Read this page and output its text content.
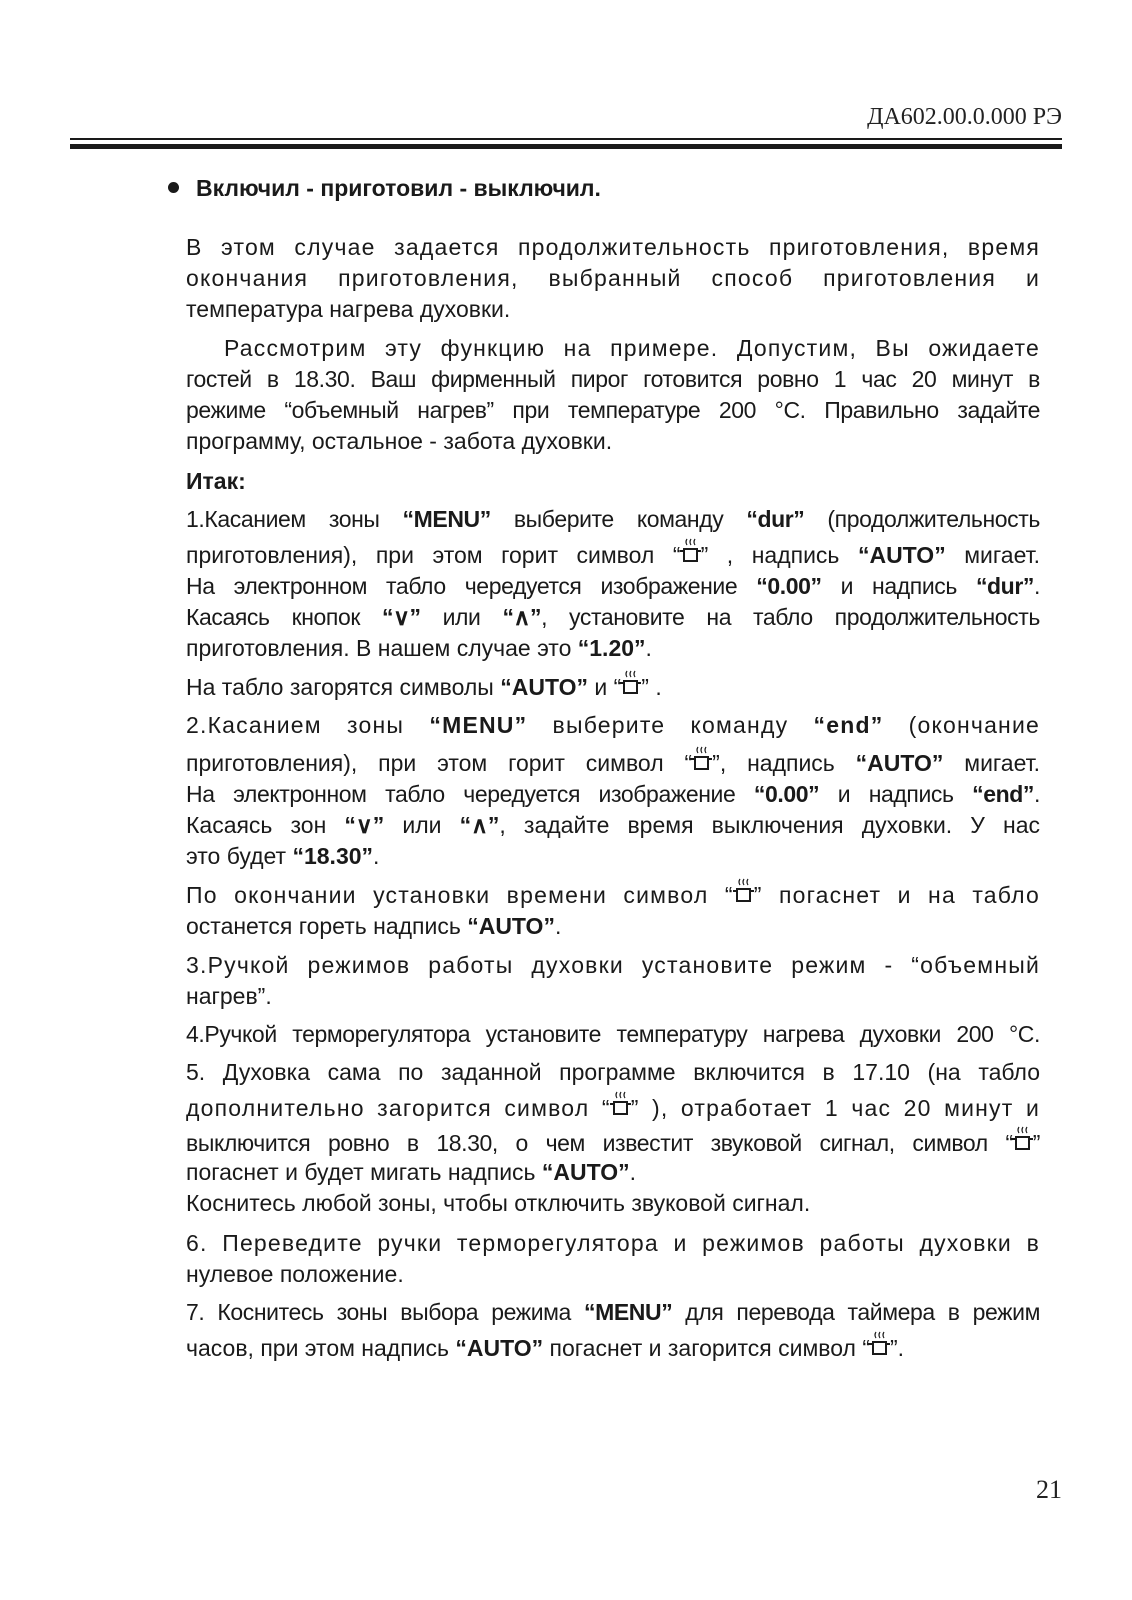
ДА602.00.0.000 РЭ

Включил - приготовил - выключил.
В этом случае задается продолжительность приготовления, время
окончания приготовления, выбранный способ приготовления и
температура нагрева духовки.
Рассмотрим эту функцию на примере. Допустим, Вы ожидаете
гостей в 18.30. Ваш фирменный пирог готовится ровно 1 час 20 минут в
режиме “объемный нагрев” при температуре 200 °С. Правильно задайте
программу, остальное - забота духовки.
Итак:
1.Касанием зоны “MENU” выберите команду “dur” (продолжительность
приготовления), при этом горит символ “ ” , надпись “AUTO” мигает.
На электронном табло чередуется изображение “0.00” и надпись “dur”.
Касаясь кнопок “∨” или “∧”, установите на табло продолжительность
приготовления. В нашем случае это “1.20”.
На табло загорятся символы “AUTO” и “ ” .
2.Касанием зоны “MENU” выберите команду “end” (окончание
приготовления), при этом горит символ “ ”, надпись “AUTO” мигает.
На электронном табло чередуется изображение “0.00” и надпись “end”.
Касаясь зон “∨” или “∧”, задайте время выключения духовки. У нас
это будет “18.30”.
По окончании установки времени символ “ ” погаснет и на табло
останется гореть надпись “AUTO”.
3.Ручкой режимов работы духовки установите режим - “объемный
нагрев”.
4.Ручкой терморегулятора установите температуру нагрева духовки 200 °С.
5. Духовка сама по заданной программе включится в 17.10 (на табло
дополнительно загорится символ “ ” ), отработает 1 час 20 минут и
выключится ровно в 18.30, о чем известит звуковой сигнал, символ “ ”
погаснет и будет мигать надпись “AUTO”.
Коснитесь любой зоны, чтобы отключить звуковой сигнал.
6. Переведите ручки терморегулятора и режимов работы духовки в
нулевое положение.
7. Коснитесь зоны выбора режима “MENU” для перевода таймера в режим
часов, при этом надпись “AUTO” погаснет и загорится символ “ ”.

21
